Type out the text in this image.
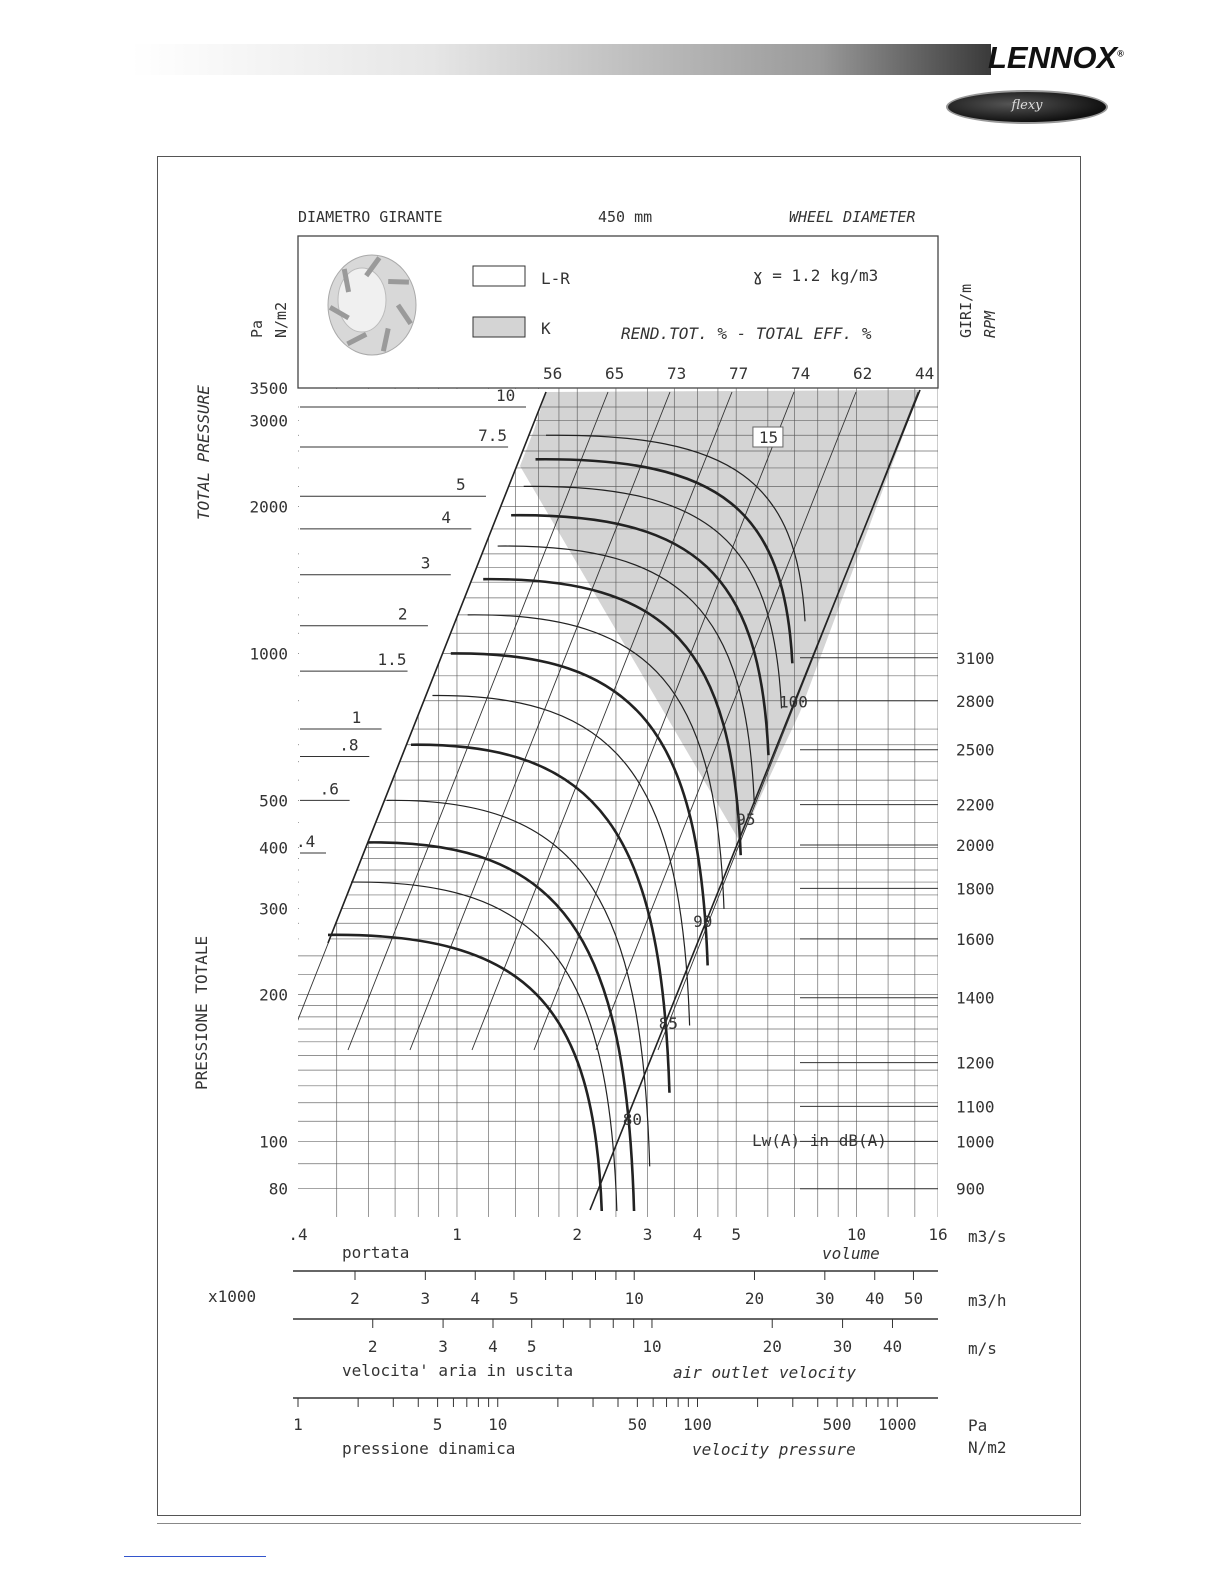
LENNOX®
flexy
DIAMETRO GIRANTE	450 mm	WHEEL DIAMETER
ɣ = 1.2 kg/m3
REND.TOT. % - TOTAL EFF. %
L-R
K
Pa N/m2	GIRI/m RPM
TOTAL PRESSURE
PRESSIONE TOTALE
Lw(A) in dB(A)
m3/s
portata	volume
x1000	m3/h
m/s
velocita' aria in uscita	air outlet velocity
Pa
N/m2
pressione dinamica	velocity pressure
.4
.6
.8
1
1.5
2
3
4
5
7.5
10
56	65	73	77	74	62	44
3500
3000
2000
1000
500
400
300
200
100
80	900
1000
1100
1200
1400
1600
1800
2000
2200
2500
2800
3100
80
85
90
95
100
15
.4	1	2	3	4 5	10	16
2	3	4 5	10	20	30 40 50
2	3	4 5	10	20	30 40
1	5	10	50 100	500 1000
